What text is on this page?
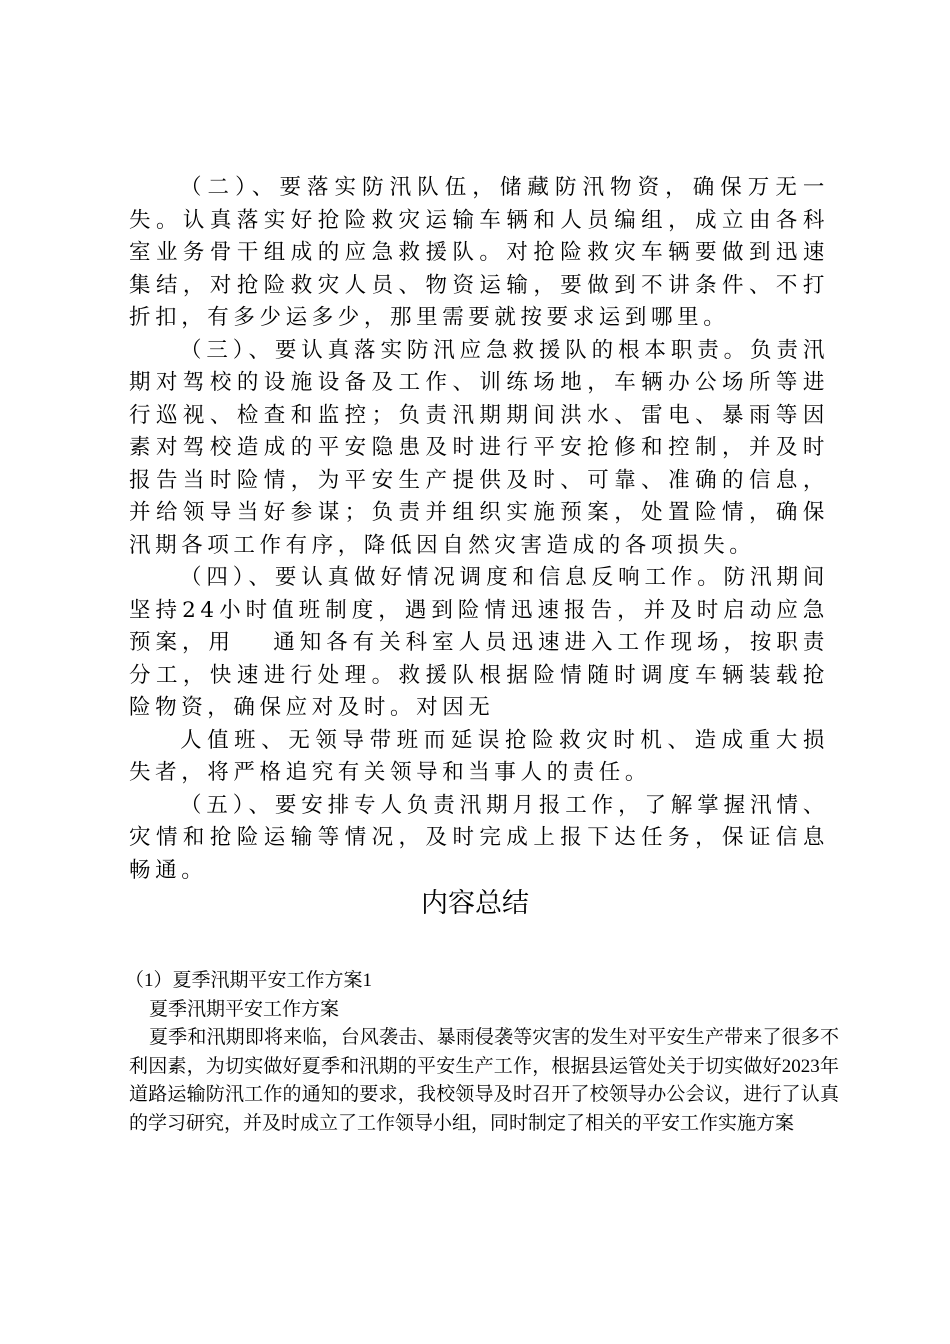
（二）、要落实防汛队伍，储藏防汛物资，确保万无一失。认真落实好抢险救灾运输车辆和人员编组，成立由各科室业务骨干组成的应急救援队。对抢险救灾车辆要做到迅速集结，对抢险救灾人员、物资运输，要做到不讲条件、不打折扣，有多少运多少，那里需要就按要求运到哪里。

（三）、要认真落实防汛应急救援队的根本职责。负责汛期对驾校的设施设备及工作、训练场地，车辆办公场所等进行巡视、检查和监控；负责汛期期间洪水、雷电、暴雨等因素对驾校造成的平安隐患及时进行平安抢修和控制，并及时报告当时险情，为平安生产提供及时、可靠、准确的信息，并给领导当好参谋；负责并组织实施预案，处置险情，确保汛期各项工作有序，降低因自然灾害造成的各项损失。

（四）、要认真做好情况调度和信息反响工作。防汛期间坚持24小时值班制度，遇到险情迅速报告，并及时启动应急预案，用　 通知各有关科室人员迅速进入工作现场，按职责分工，快速进行处理。救援队根据险情随时调度车辆装载抢险物资，确保应对及时。对因无

人值班、无领导带班而延误抢险救灾时机、造成重大损失者，将严格追究有关领导和当事人的责任。

（五）、要安排专人负责汛期月报工作，了解掌握汛情、灾情和抢险运输等情况，及时完成上报下达任务，保证信息畅通。

内容总结

（1）夏季汛期平安工作方案1

夏季汛期平安工作方案

夏季和汛期即将来临，台风袭击、暴雨侵袭等灾害的发生对平安生产带来了很多不利因素，为切实做好夏季和汛期的平安生产工作，根据县运管处关于切实做好2023年道路运输防汛工作的通知的要求，我校领导及时召开了校领导办公会议，进行了认真的学习研究，并及时成立了工作领导小组，同时制定了相关的平安工作实施方案
